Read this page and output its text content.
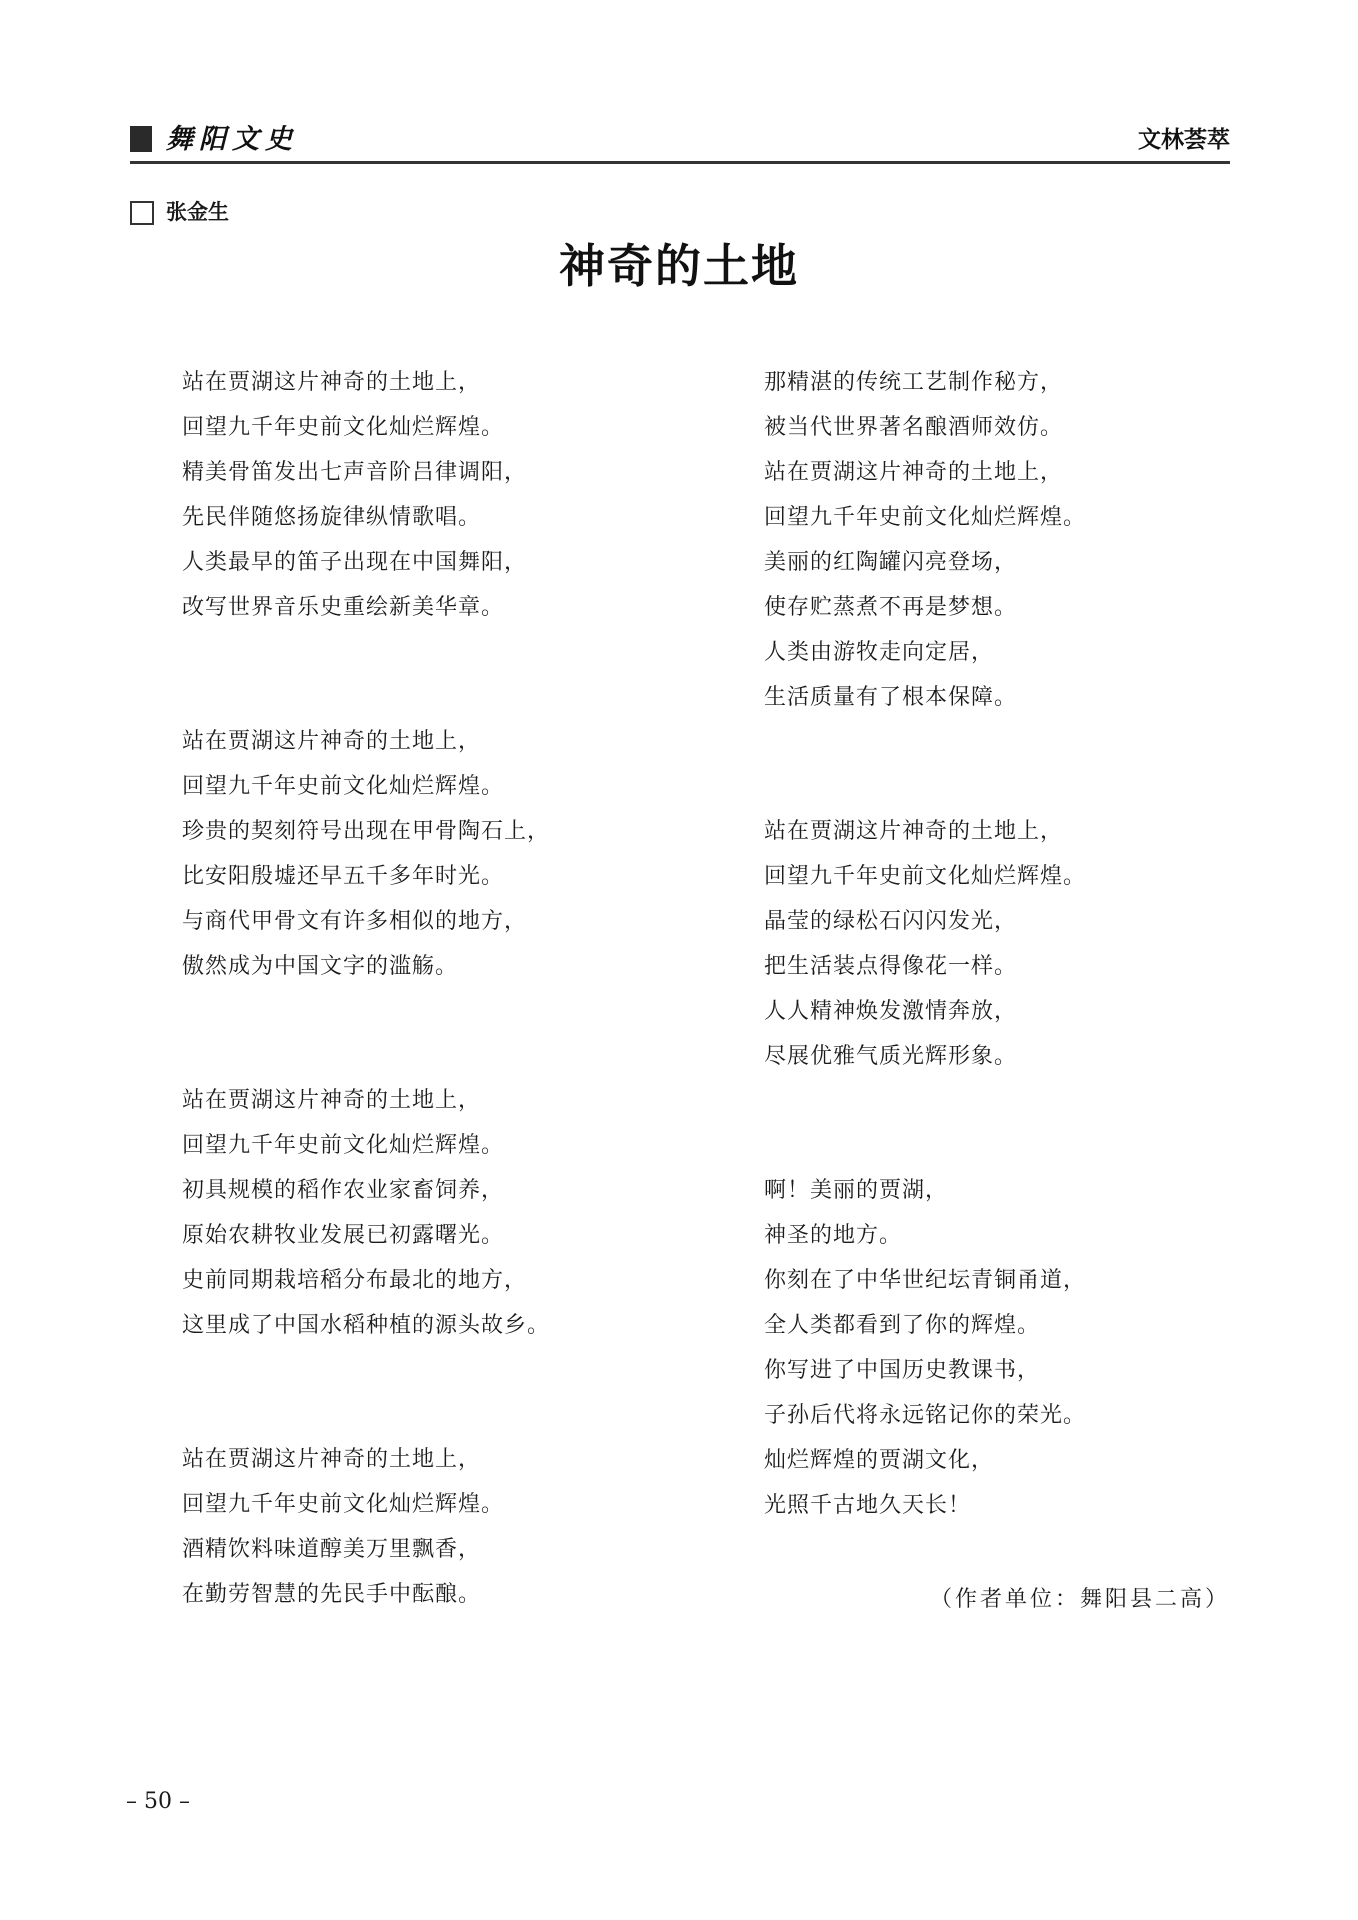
舞阳文史	文林荟萃
张金生
神奇的土地
站在贾湖这片神奇的土地上，
回望九千年史前文化灿烂辉煌。
精美骨笛发出七声音阶吕律调阳，
先民伴随悠扬旋律纵情歌唱。
人类最早的笛子出现在中国舞阳，
改写世界音乐史重绘新美华章。
站在贾湖这片神奇的土地上，
回望九千年史前文化灿烂辉煌。
珍贵的契刻符号出现在甲骨陶石上，
比安阳殷墟还早五千多年时光。
与商代甲骨文有许多相似的地方，
傲然成为中国文字的滥觞。
站在贾湖这片神奇的土地上，
回望九千年史前文化灿烂辉煌。
初具规模的稻作农业家畜饲养，
原始农耕牧业发展已初露曙光。
史前同期栽培稻分布最北的地方，
这里成了中国水稻种植的源头故乡。
站在贾湖这片神奇的土地上，
回望九千年史前文化灿烂辉煌。
酒精饮料味道醇美万里飘香，
在勤劳智慧的先民手中酝酿。
那精湛的传统工艺制作秘方，
被当代世界著名酿酒师效仿。
站在贾湖这片神奇的土地上，
回望九千年史前文化灿烂辉煌。
美丽的红陶罐闪亮登场，
使存贮蒸煮不再是梦想。
人类由游牧走向定居，
生活质量有了根本保障。
站在贾湖这片神奇的土地上，
回望九千年史前文化灿烂辉煌。
晶莹的绿松石闪闪发光，
把生活装点得像花一样。
人人精神焕发激情奔放，
尽展优雅气质光辉形象。
啊！美丽的贾湖，
神圣的地方。
你刻在了中华世纪坛青铜甬道，
全人类都看到了你的辉煌。
你写进了中国历史教课书，
子孙后代将永远铭记你的荣光。
灿烂辉煌的贾湖文化，
光照千古地久天长！
（作者单位：舞阳县二高）
– 50 –
